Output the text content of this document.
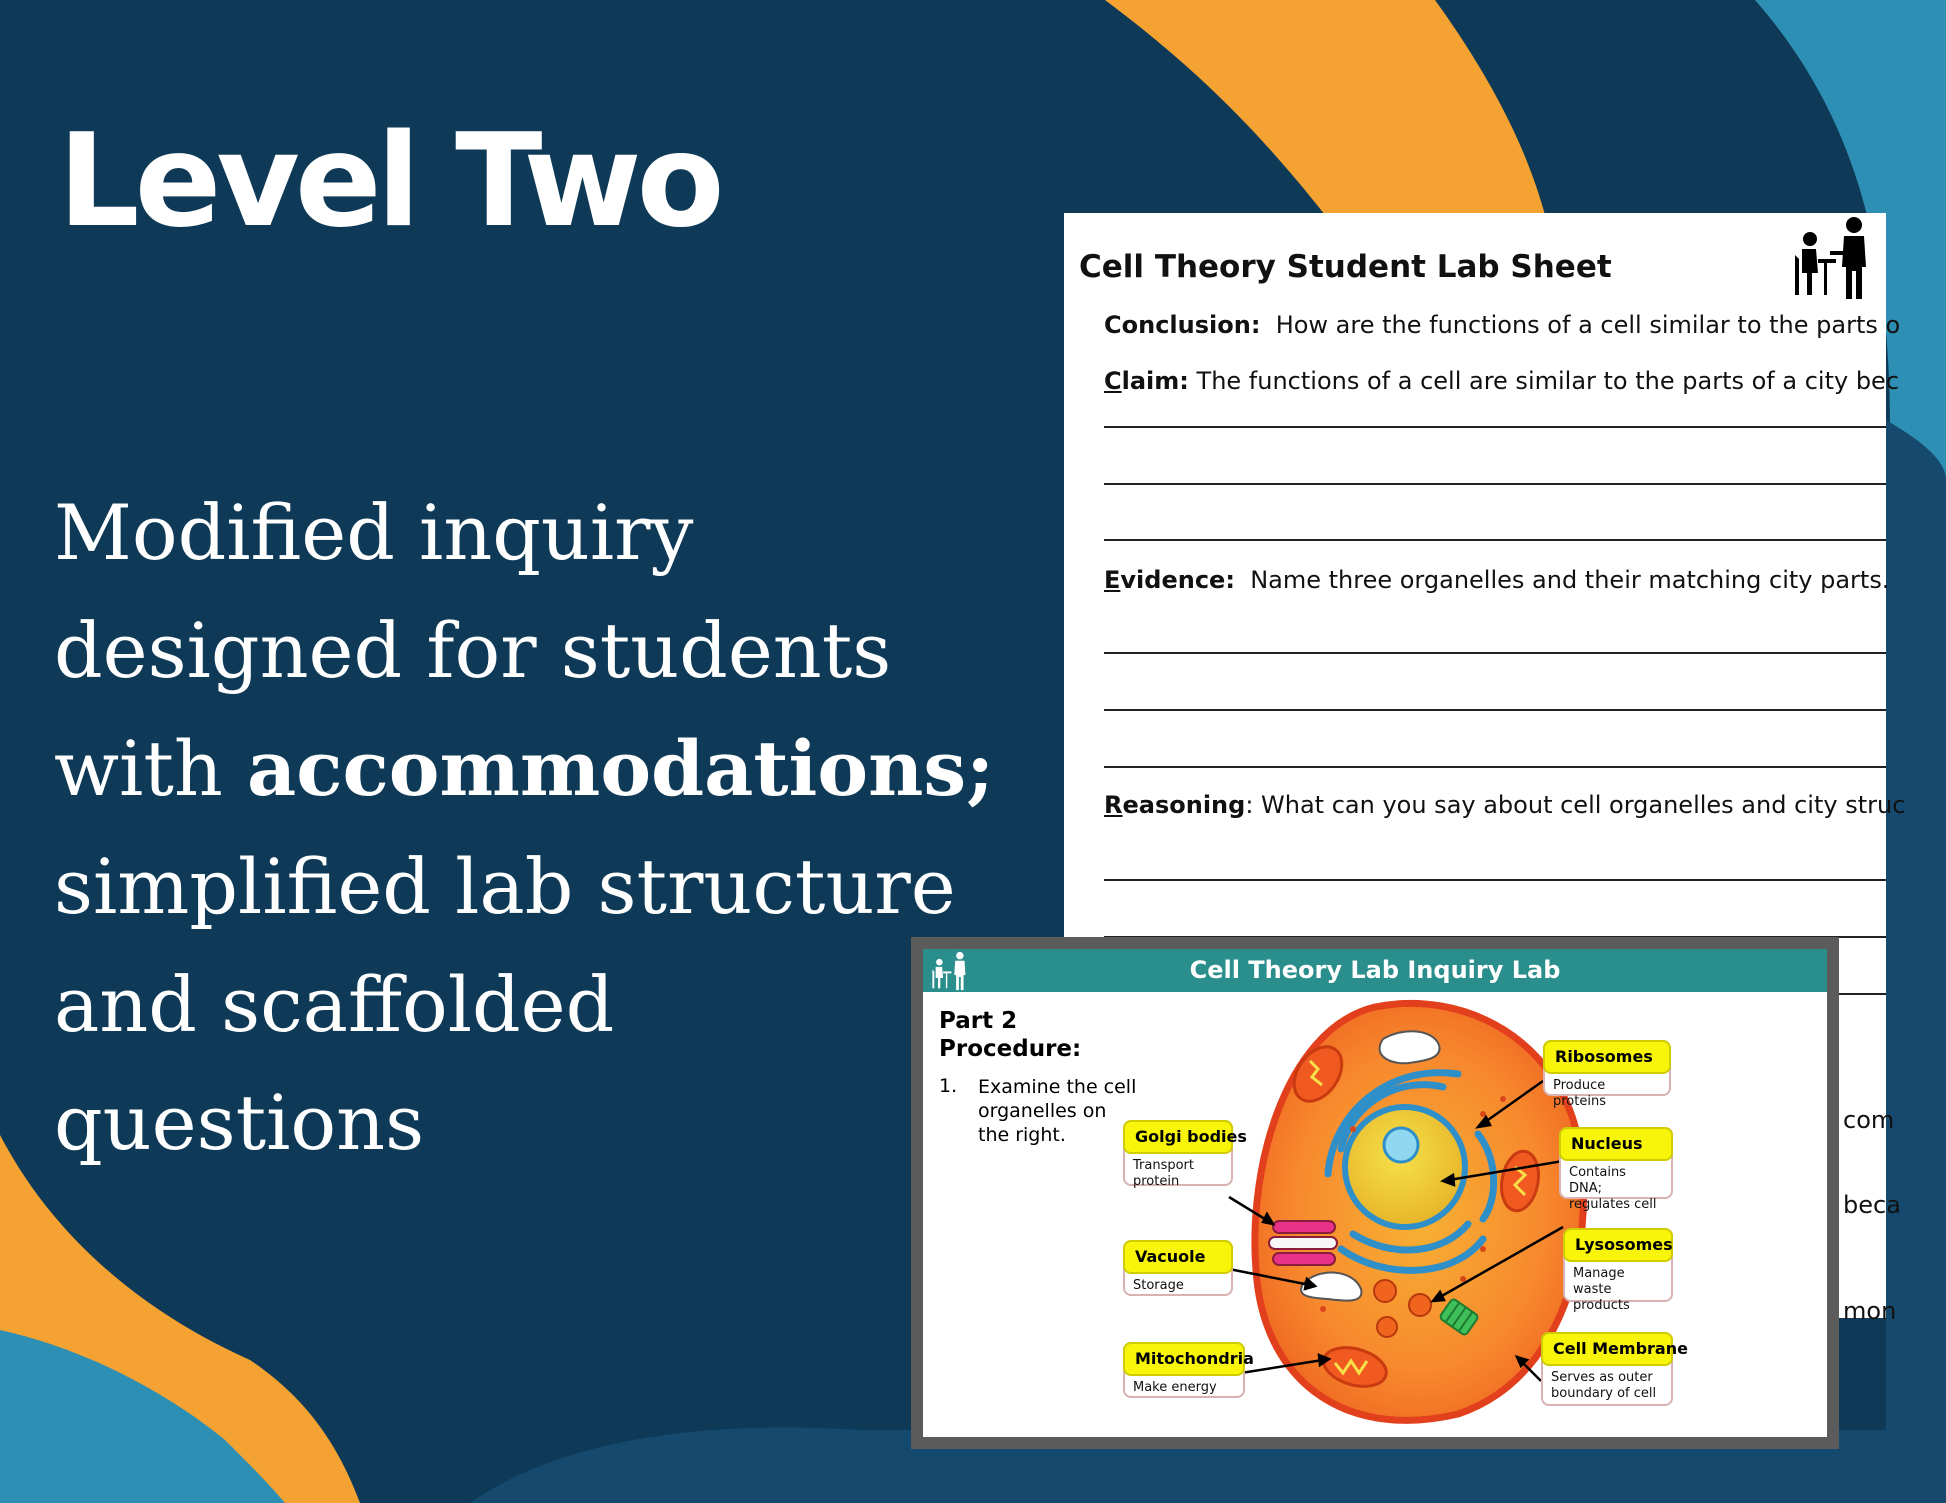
Level Two
Modified inquiry
designed for students
with accommodations;
simplified lab structure
and scaffolded
questions
Cell Theory Student Lab Sheet
Conclusion: How are the functions of a cell similar to the parts o
Claim: The functions of a cell are similar to the parts of a city bec
Evidence: Name three organelles and their matching city parts.
Reasoning: What can you say about cell organelles and city struc
com
beca
mon
Cell Theory Lab Inquiry Lab
Part 2
Procedure:
1. Examine the cell organelles on the right.	Golgi bodies
Transport protein
Vacuole
Storage
Mitochondria
Make energy
Ribosomes
Produce proteins
Nucleus
Contains DNA; regulates cell
Lysosomes
Manage waste products
Cell Membrane
Serves as outer boundary of cell
